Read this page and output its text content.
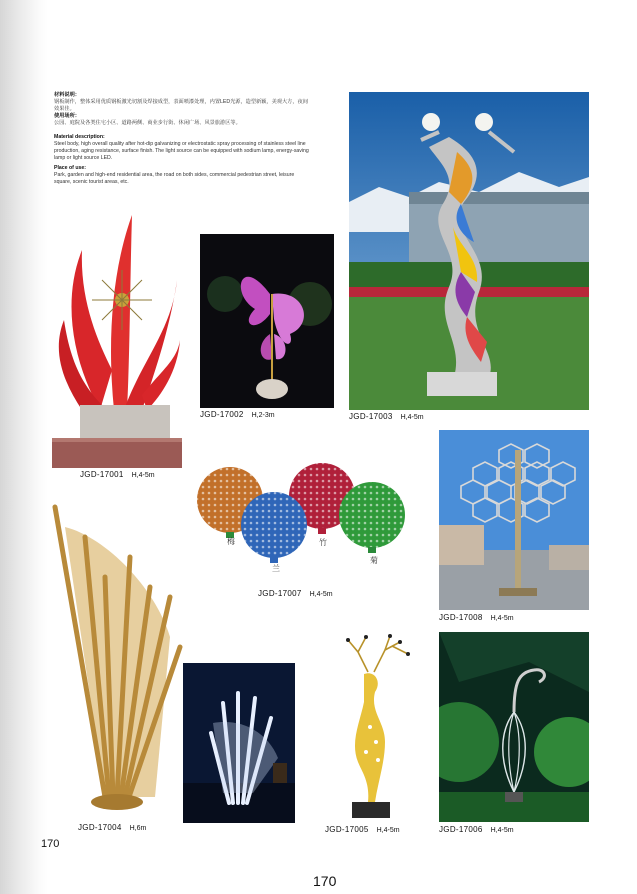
材料说明：

钢板制作，整体采用优质钢板激光切割及焊接成型，表面喷漆处理，内置LED光源，造型新颖，美观大方，夜间效果佳。

使用场所：

公园、庭院及各类住宅小区、道路两侧、商业步行街、休闲广场、风景旅游区等。

Material description:

Steel body, high overall quality after hot-dip galvanizing or electrostatic spray processing of stainless steel line production, aging resistance, surface finish. The light source can be equipped with sodium lamp, energy-saving lamp or light source LED.

Place of use:

Park, garden and high-end residential area, the road on both sides, commercial pedestrian street, leisure square, scenic tourist areas, etc.

JGD-17001 H,4-5m
JGD-17002 H,2-3m	JGD-17003 H,4-5m
梅	竹
兰
菊
JGD-17007 H,4-5m
JGD-17008 H,4-5m
JGD-17004 H,6m	JGD-17005 H,4-5m	JGD-17006 H,4-5m
170
170
